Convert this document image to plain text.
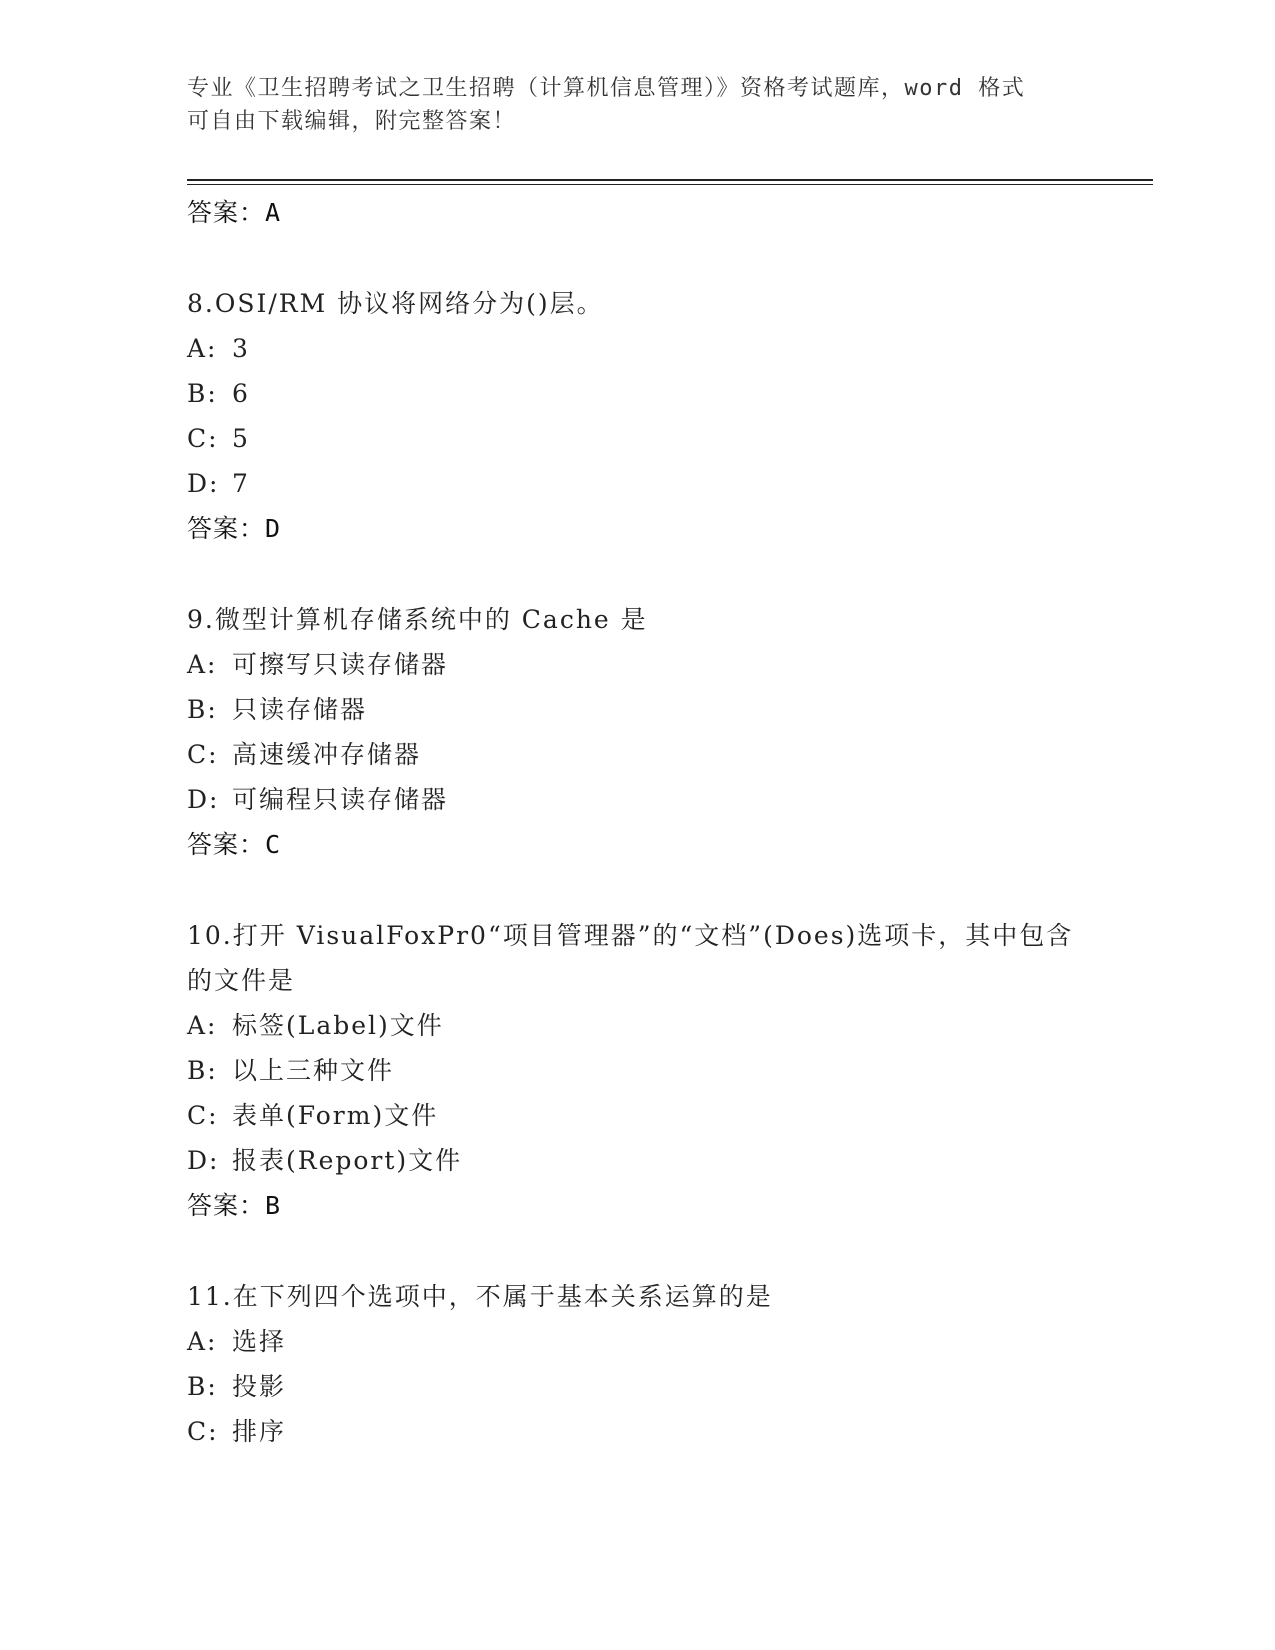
专业《卫生招聘考试之卫生招聘（计算机信息管理）》资格考试题库，word 格式
可自由下载编辑，附完整答案！
答案：A
8.OSI/RM 协议将网络分为()层。
A: 3
B: 6
C: 5
D: 7
答案：D
9.微型计算机存储系统中的 Cache 是
A: 可擦写只读存储器
B: 只读存储器
C: 高速缓冲存储器
D: 可编程只读存储器
答案：C
10.打开 VisualFoxPr0“项目管理器”的“文档”(Does)选项卡，其中包含的文件是
A: 标签(Label)文件
B: 以上三种文件
C: 表单(Form)文件
D: 报表(Report)文件
答案：B
11.在下列四个选项中，不属于基本关系运算的是
A: 选择
B: 投影
C: 排序
